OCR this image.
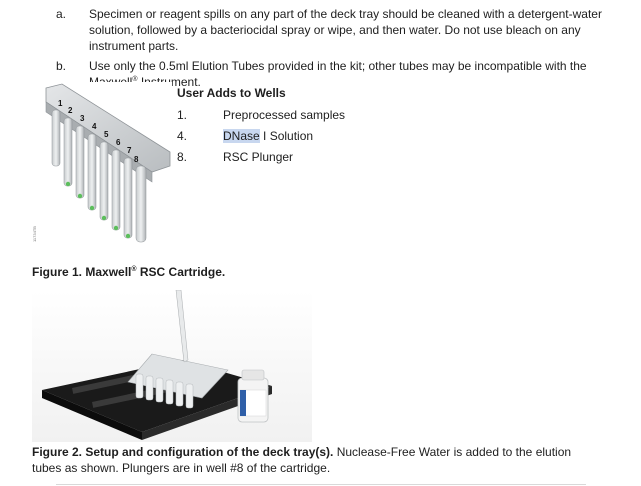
a.	Specimen or reagent spills on any part of the deck tray should be cleaned with a detergent-water solution, followed by a bacteriocidal spray or wipe, and then water. Do not use bleach on any instrument parts.
b.	Use only the 0.5ml Elution Tubes provided in the kit; other tubes may be incompatible with the Maxwell® Instrument.
1
2
3
4
5
6
7
8
11734TB
User Adds to Wells
1.	Preprocessed samples
4.	DNase I Solution
8.	RSC Plunger
Figure 1. Maxwell® RSC Cartridge.
Figure 2. Setup and configuration of the deck tray(s). Nuclease-Free Water is added to the elution tubes as shown. Plungers are in well #8 of the cartridge.
